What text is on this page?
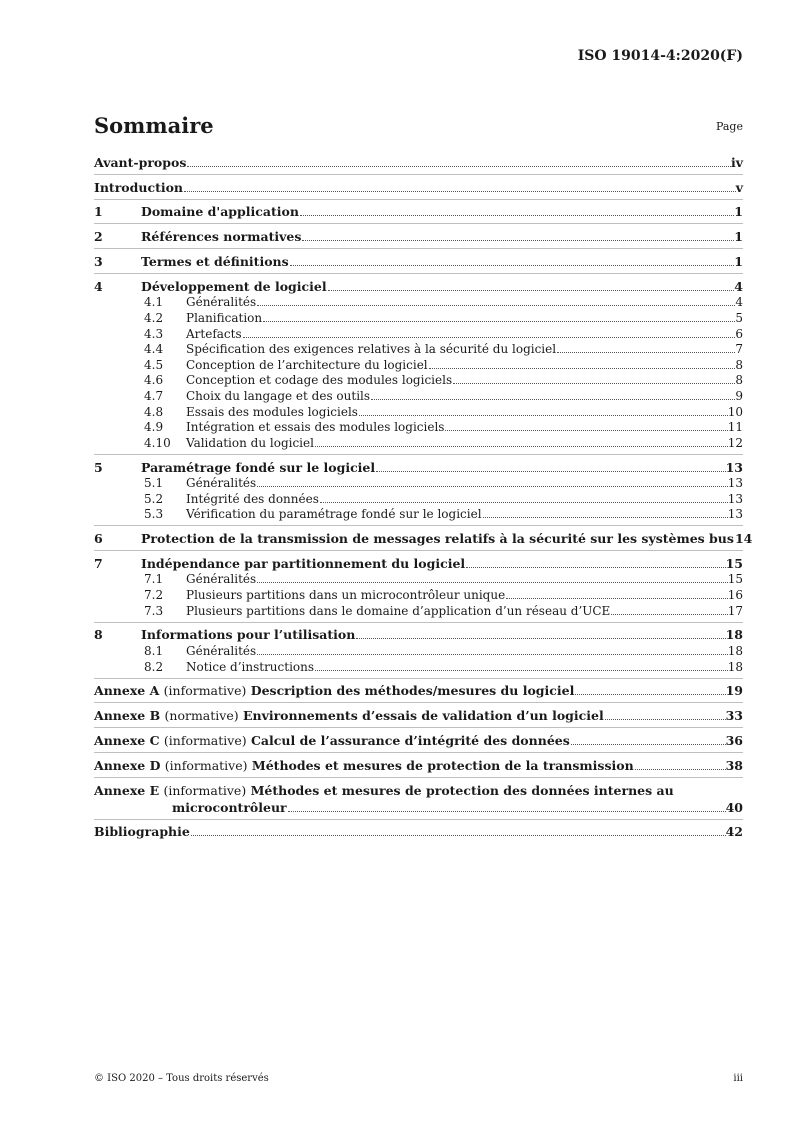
ISO 19014-4:2020(F)
Sommaire	Page
Avant-propos	iv
Introduction	v
1	Domaine d'application	1
2	Références normatives	1
3	Termes et définitions	1
4	Développement de logiciel	4
4.1 Généralités	4
4.2 Planification	5
4.3 Artefacts	6
4.4 Spécification des exigences relatives à la sécurité du logiciel	7
4.5 Conception de l’architecture du logiciel	8
4.6 Conception et codage des modules logiciels	8
4.7 Choix du langage et des outils	9
4.8 Essais des modules logiciels	10
4.9 Intégration et essais des modules logiciels	11
4.10 Validation du logiciel	12
5	Paramétrage fondé sur le logiciel	13
5.1 Généralités	13
5.2 Intégrité des données	13
5.3 Vérification du paramétrage fondé sur le logiciel	13
6	Protection de la transmission de messages relatifs à la sécurité sur les systèmes bus 14
7	Indépendance par partitionnement du logiciel	15
7.1 Généralités	15
7.2 Plusieurs partitions dans un microcontrôleur unique	16
7.3 Plusieurs partitions dans le domaine d’application d’un réseau d’UCE	17
8	Informations pour l’utilisation	18
8.1 Généralités	18
8.2 Notice d’instructions	18
Annexe A (informative) Description des méthodes/mesures du logiciel	19
Annexe B (normative) Environnements d’essais de validation d’un logiciel	33
Annexe C (informative) Calcul de l’assurance d’intégrité des données	36
Annexe D (informative) Méthodes et mesures de protection de la transmission	38
Annexe E (informative) Méthodes et mesures de protection des données internes au
microcontrôleur	40
Bibliographie	42
© ISO 2020 – Tous droits réservés	iii
